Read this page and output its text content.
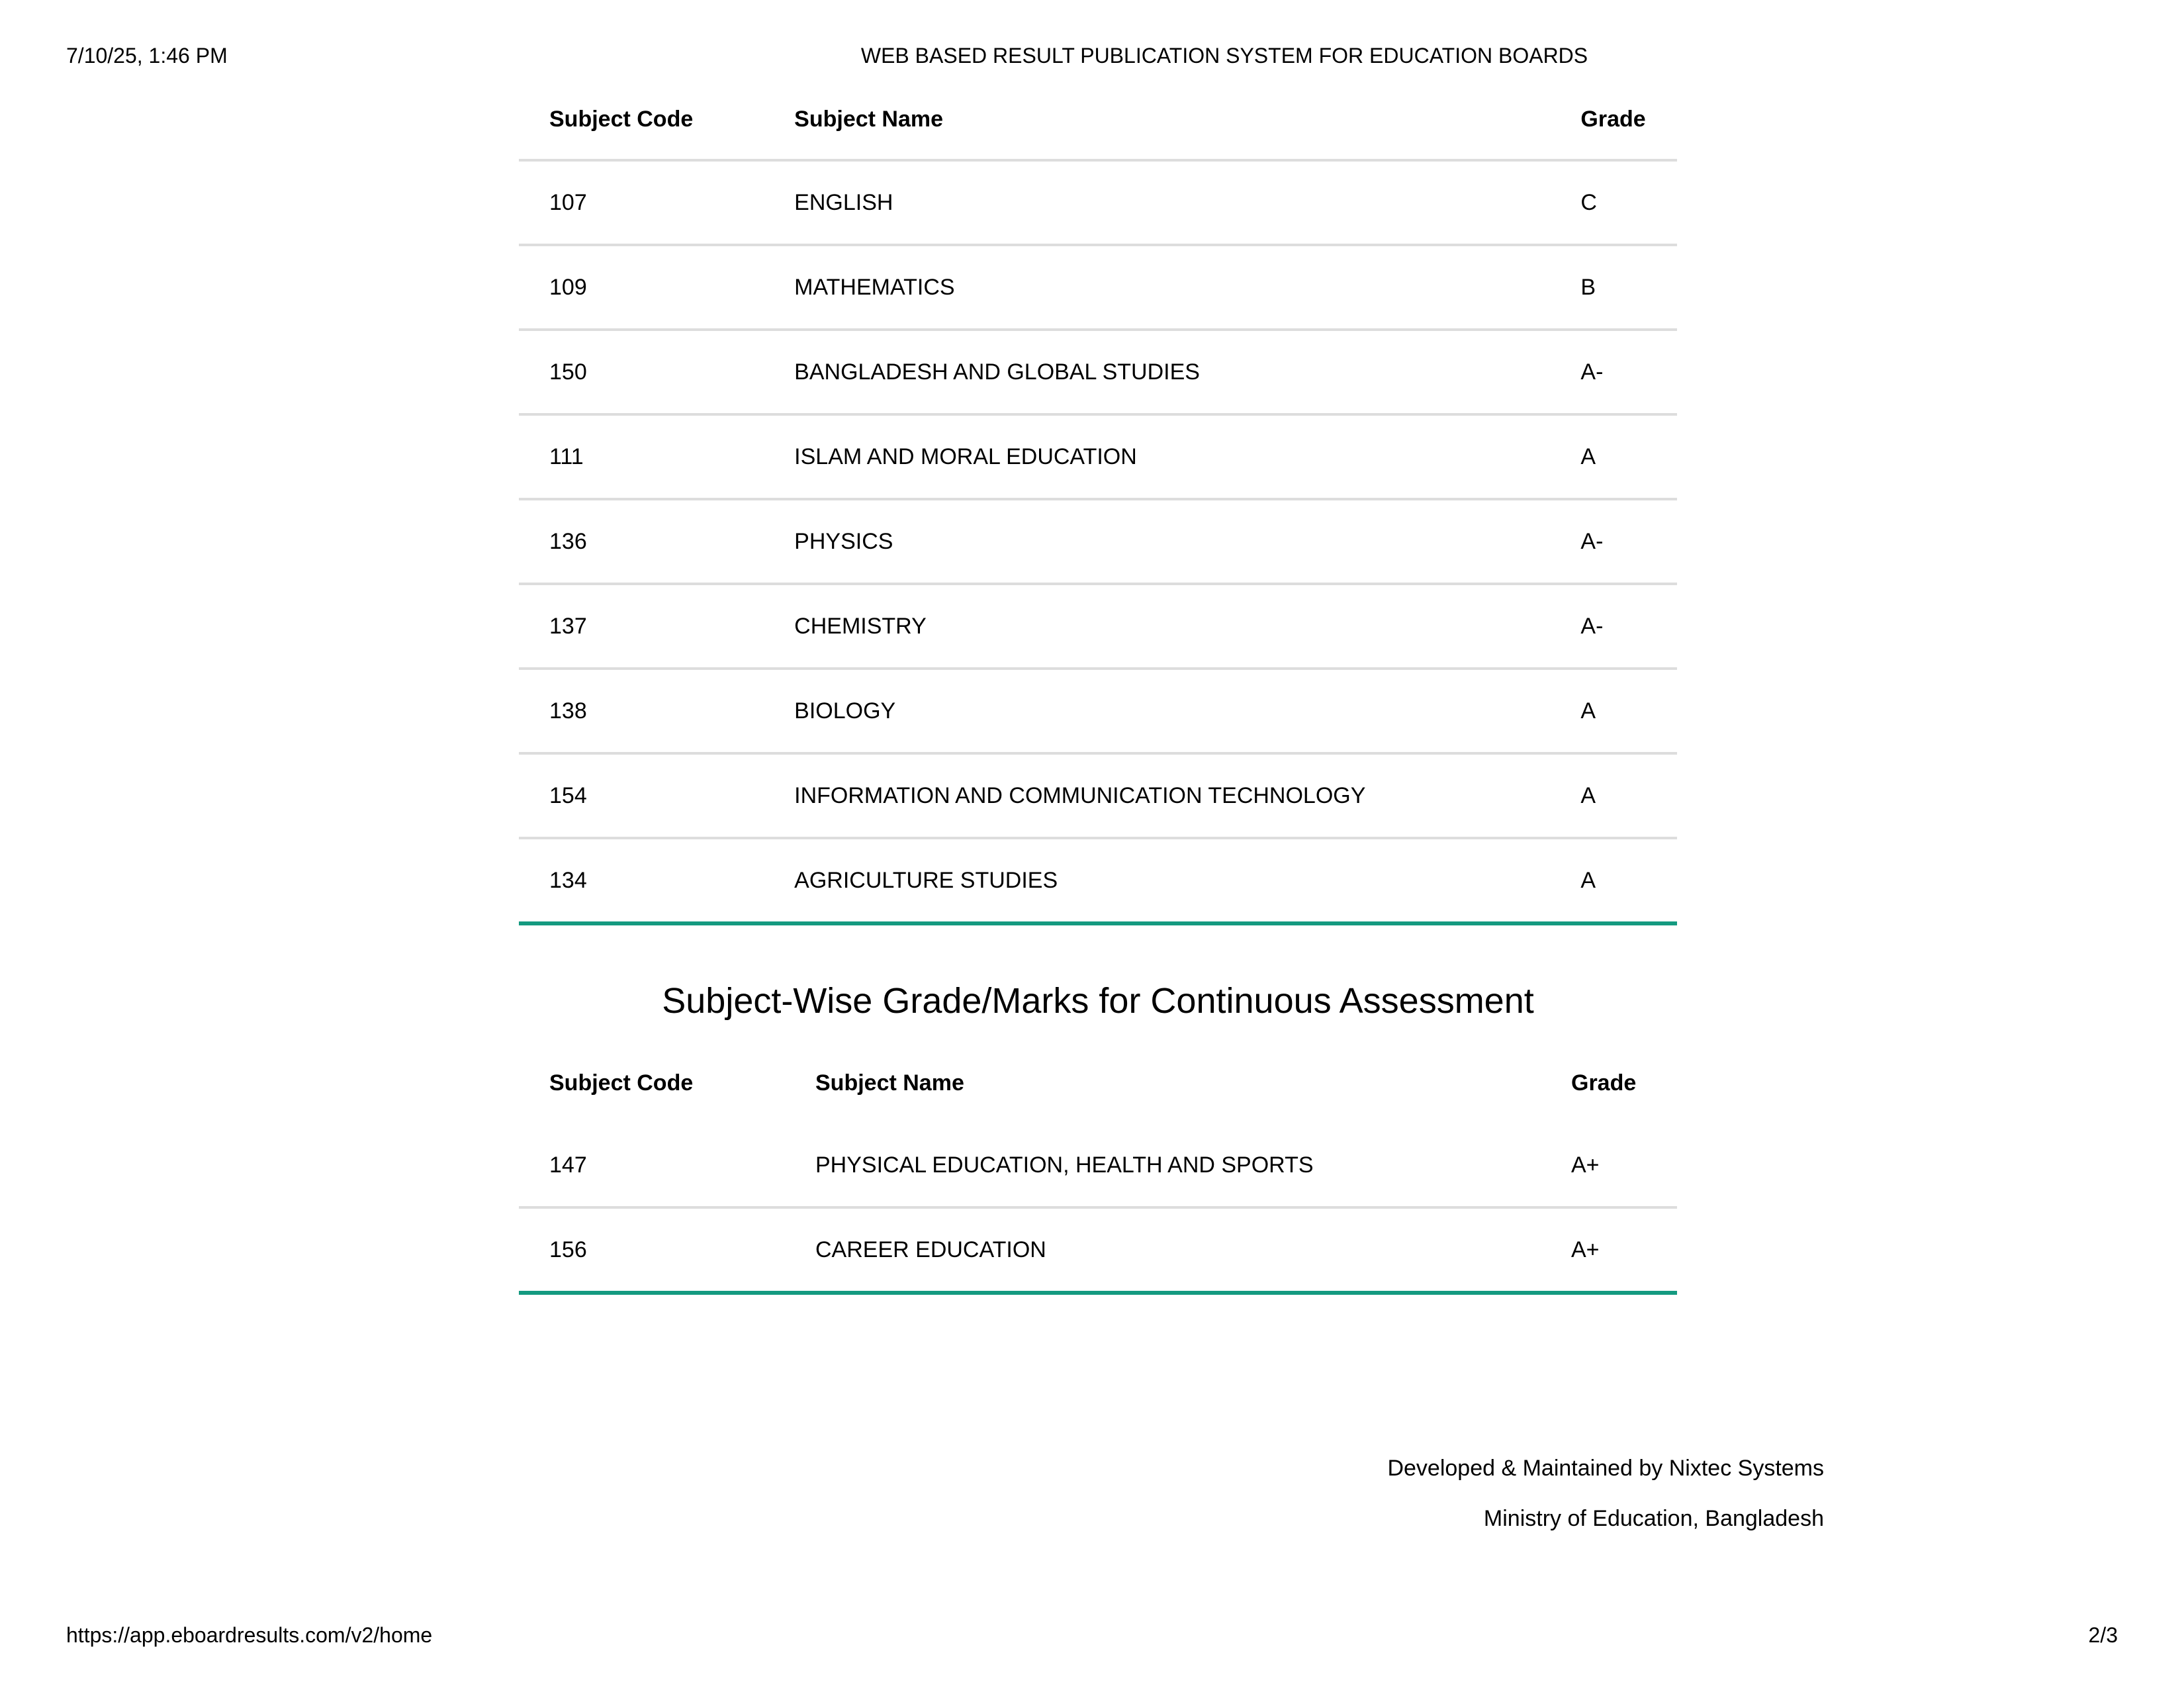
7/10/25, 1:46 PM	WEB BASED RESULT PUBLICATION SYSTEM FOR EDUCATION BOARDS
Subject Code	Subject Name	Grade
107	ENGLISH	C
109	MATHEMATICS	B
150	BANGLADESH AND GLOBAL STUDIES	A-
111	ISLAM AND MORAL EDUCATION	A
136	PHYSICS	A-
137	CHEMISTRY	A-
138	BIOLOGY	A
154	INFORMATION AND COMMUNICATION TECHNOLOGY	A
134	AGRICULTURE STUDIES	A
Subject-Wise Grade/Marks for Continuous Assessment
Subject Code	Subject Name	Grade
147	PHYSICAL EDUCATION, HEALTH AND SPORTS	A+
156	CAREER EDUCATION	A+
Developed & Maintained by Nixtec Systems
Ministry of Education, Bangladesh
https://app.eboardresults.com/v2/home	2/3
